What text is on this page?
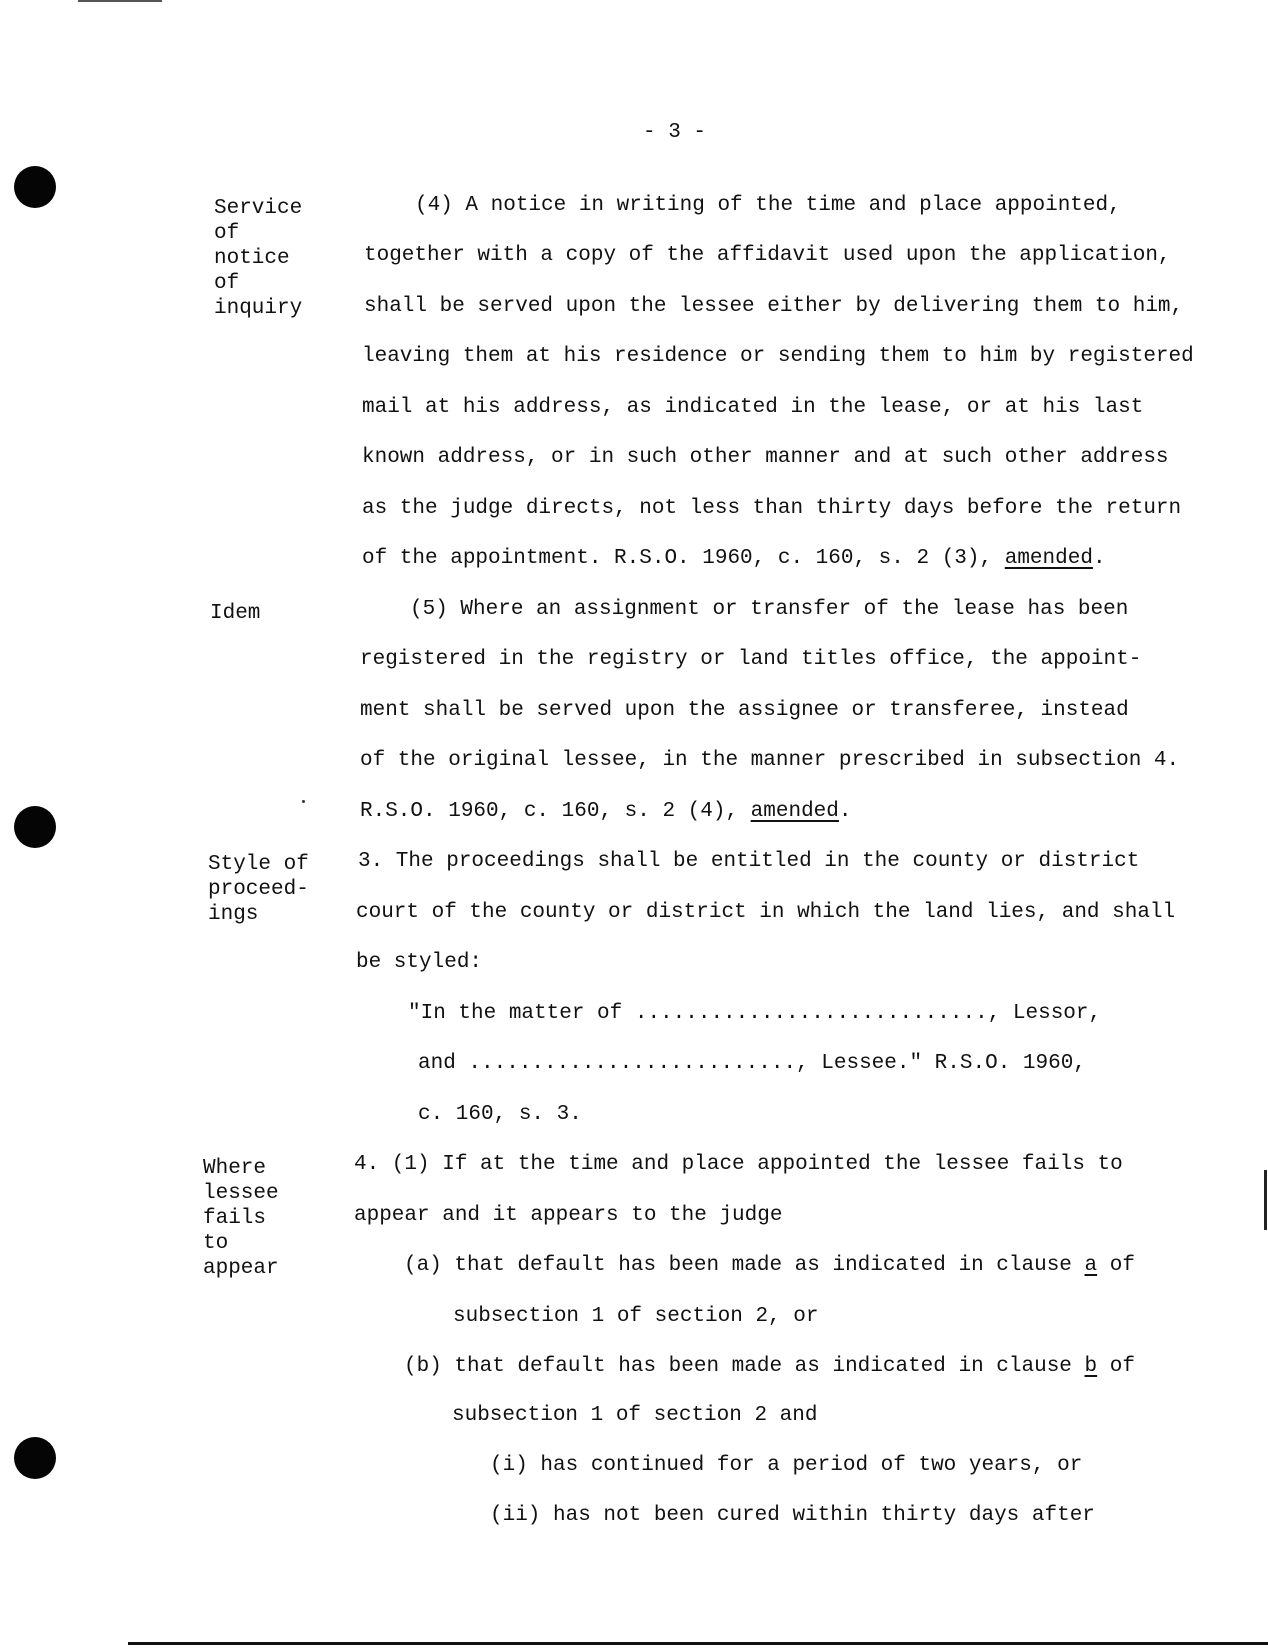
- 3 -
Service
of
notice
of
inquiry
Idem
Style of
proceed-
ings
Where
lessee
fails
to
appear
(4) A notice in writing of the time and place appointed,
together with a copy of the affidavit used upon the application,
shall be served upon the lessee either by delivering them to him,
leaving them at his residence or sending them to him by registered
mail at his address, as indicated in the lease, or at his last
known address, or in such other manner and at such other address
as the judge directs, not less than thirty days before the return
of the appointment. R.S.O. 1960, c. 160, s. 2 (3), amended.
(5) Where an assignment or transfer of the lease has been
registered in the registry or land titles office, the appoint-
ment shall be served upon the assignee or transferee, instead
of the original lessee, in the manner prescribed in subsection 4.
R.S.O. 1960, c. 160, s. 2 (4), amended.
3. The proceedings shall be entitled in the county or district
court of the county or district in which the land lies, and shall
be styled:
"In the matter of ............................, Lessor,
and .........................., Lessee." R.S.O. 1960,
c. 160, s. 3.
4. (1) If at the time and place appointed the lessee fails to
appear and it appears to the judge
(a) that default has been made as indicated in clause a of
subsection 1 of section 2, or
(b) that default has been made as indicated in clause b of
subsection 1 of section 2 and
(i) has continued for a period of two years, or
(ii) has not been cured within thirty days after
